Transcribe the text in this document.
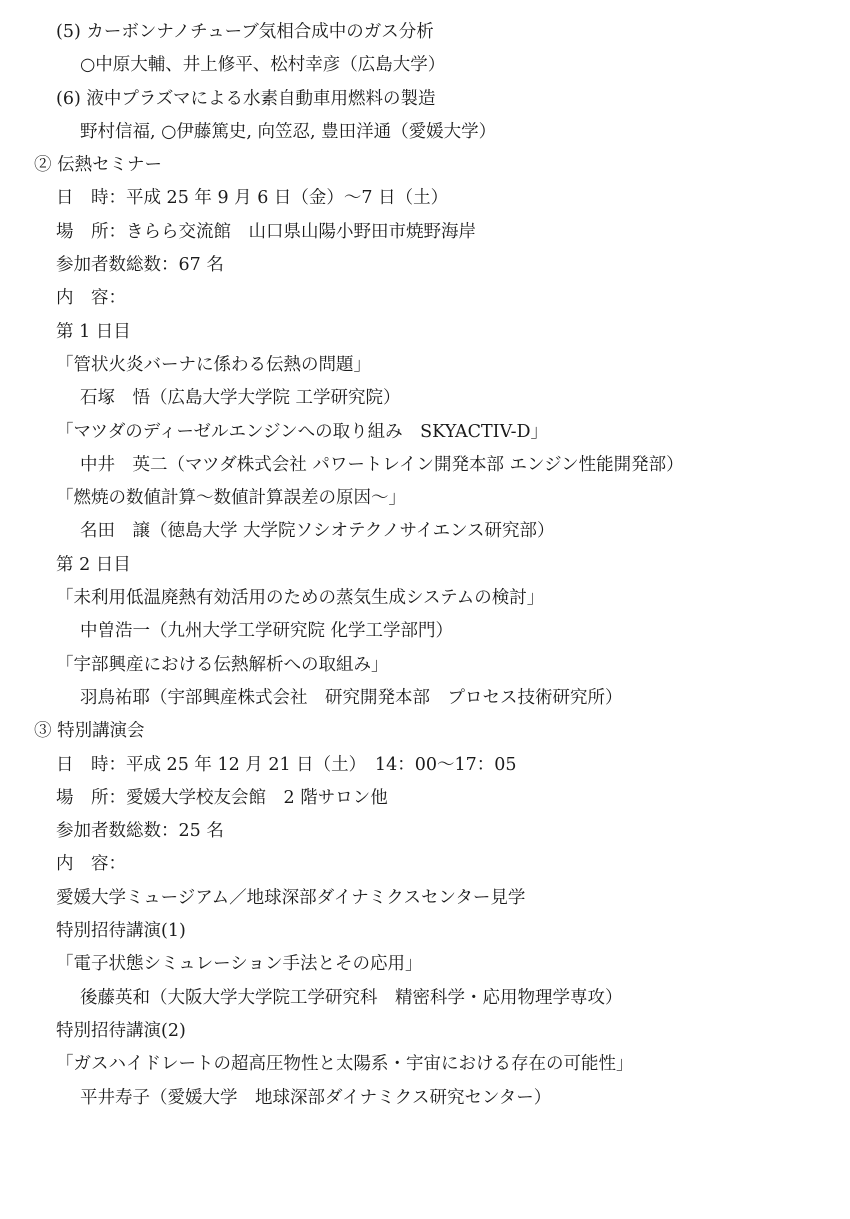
(5) カーボンナノチューブ気相合成中のガス分析
○中原大輔、井上修平、松村幸彦（広島大学）
(6) 液中プラズマによる水素自動車用燃料の製造
野村信福, ○伊藤篤史, 向笠忍, 豊田洋通（愛媛大学）
② 伝熱セミナー
日　時：平成 25 年 9 月 6 日（金）～7 日（土）
場　所：きらら交流館　山口県山陽小野田市焼野海岸
参加者数総数：67 名
内　容：
第 1 日目
「管状火炎バーナに係わる伝熱の問題」
石塚　悟（広島大学大学院 工学研究院）
「マツダのディーゼルエンジンへの取り組み　SKYACTIV-D」
中井　英二（マツダ株式会社 パワートレイン開発本部 エンジン性能開発部）
「燃焼の数値計算～数値計算誤差の原因～」
名田　譲（徳島大学 大学院ソシオテクノサイエンス研究部）
第 2 日目
「未利用低温廃熱有効活用のための蒸気生成システムの検討」
中曽浩一（九州大学工学研究院 化学工学部門）
「宇部興産における伝熱解析への取組み」
羽鳥祐耶（宇部興産株式会社　研究開発本部　プロセス技術研究所）
③ 特別講演会
日　時：平成 25 年 12 月 21 日（土）　14：00～17：05
場　所：愛媛大学校友会館　2 階サロン他
参加者数総数：25 名
内　容：
愛媛大学ミュージアム／地球深部ダイナミクスセンター見学
特別招待講演(1)
「電子状態シミュレーション手法とその応用」
後藤英和（大阪大学大学院工学研究科　精密科学・応用物理学専攻）
特別招待講演(2)
「ガスハイドレートの超高圧物性と太陽系・宇宙における存在の可能性」
平井寿子（愛媛大学　地球深部ダイナミクス研究センター）
